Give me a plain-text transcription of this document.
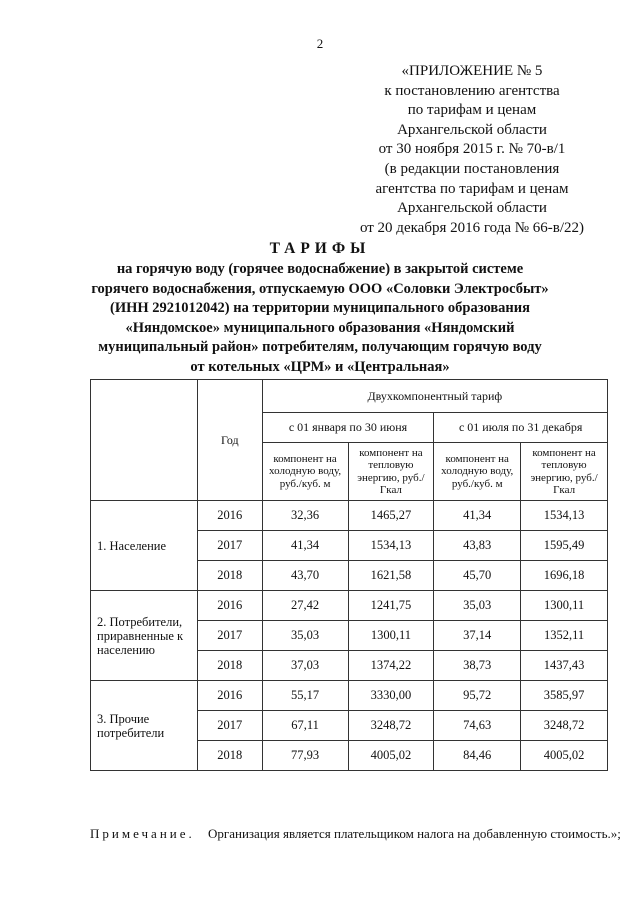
2
«ПРИЛОЖЕНИЕ № 5
к постановлению агентства
по тарифам и ценам
Архангельской области
от 30 ноября 2015 г. № 70-в/1
(в редакции постановления
агентства по тарифам и ценам
Архангельской области
от 20 декабря 2016 года № 66-в/22)
ТАРИФЫ
на горячую воду (горячее водоснабжение) в закрытой системе
горячего водоснабжения, отпускаемую ООО «Соловки Электросбыт»
(ИНН 2921012042) на территории муниципального образования
«Няндомское» муниципального образования «Няндомский
муниципальный район» потребителям, получающим горячую воду
от котельных «ЦРМ» и «Центральная»
	Год	Двухкомпонентный тариф			
		с 01 января по 30 июня		с 01 июля по 31 декабря	
		компонент на холодную воду, руб./куб. м	компонент на тепловую энергию, руб./Гкал	компонент на холодную воду, руб./куб. м	компонент на тепловую энергию, руб./Гкал
1. Население	2016	32,36	1465,27	41,34	1534,13
	2017	41,34	1534,13	43,83	1595,49
	2018	43,70	1621,58	45,70	1696,18
2. Потребители, приравненные к населению	2016	27,42	1241,75	35,03	1300,11
	2017	35,03	1300,11	37,14	1352,11
	2018	37,03	1374,22	38,73	1437,43
3. Прочие потребители	2016	55,17	3330,00	95,72	3585,97
	2017	67,11	3248,72	74,63	3248,72
	2018	77,93	4005,02	84,46	4005,02
Примечание. Организация является плательщиком налога на добавленную стоимость.»;
